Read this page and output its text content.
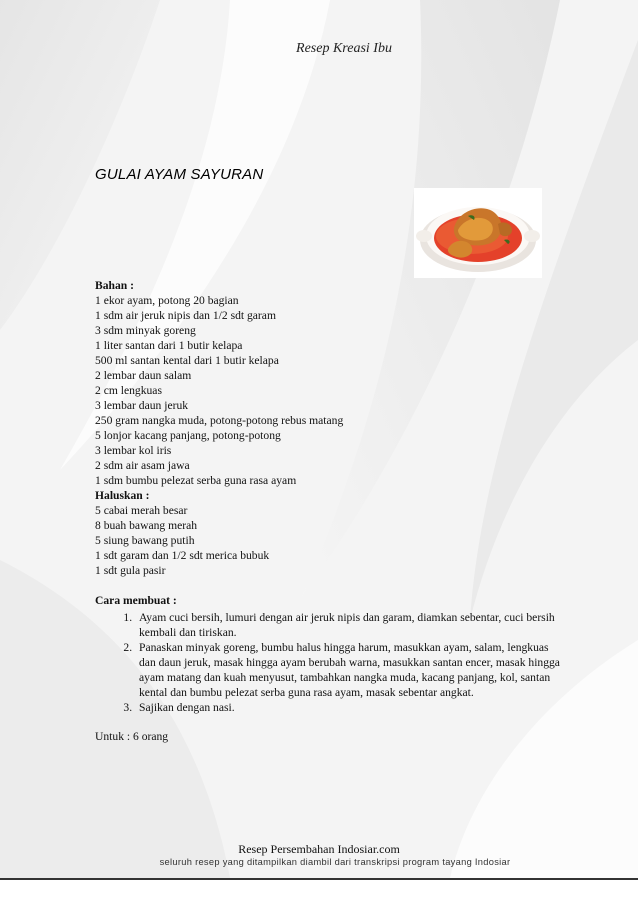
Resep Kreasi Ibu
GULAI AYAM SAYURAN
Bahan :
1 ekor ayam, potong 20 bagian
1 sdm air jeruk nipis dan 1/2 sdt garam
3 sdm minyak goreng
1 liter santan dari 1 butir kelapa
500 ml santan kental dari 1 butir kelapa
2 lembar daun salam
2 cm lengkuas
3 lembar daun jeruk
250 gram nangka muda, potong-potong rebus matang
5 lonjor kacang panjang, potong-potong
3 lembar kol iris
2 sdm air asam jawa
1 sdm bumbu pelezat serba guna rasa ayam
Haluskan :
5 cabai merah besar
8 buah bawang merah
5 siung bawang putih
1 sdt garam dan 1/2 sdt merica bubuk
1 sdt gula pasir
Cara membuat :
1. Ayam cuci bersih, lumuri dengan air jeruk nipis dan garam, diamkan sebentar, cuci bersih kembali dan tiriskan.
2. Panaskan minyak goreng, bumbu halus hingga harum, masukkan ayam, salam, lengkuas dan daun jeruk, masak hingga ayam berubah warna, masukkan santan encer, masak hingga ayam matang dan kuah menyusut, tambahkan nangka muda, kacang panjang, kol, santan kental dan bumbu pelezat serba guna rasa ayam, masak sebentar angkat.
3. Sajikan dengan nasi.
Untuk : 6 orang
Resep Persembahan Indosiar.com
seluruh resep yang ditampilkan diambil dari transkripsi program tayang Indosiar
